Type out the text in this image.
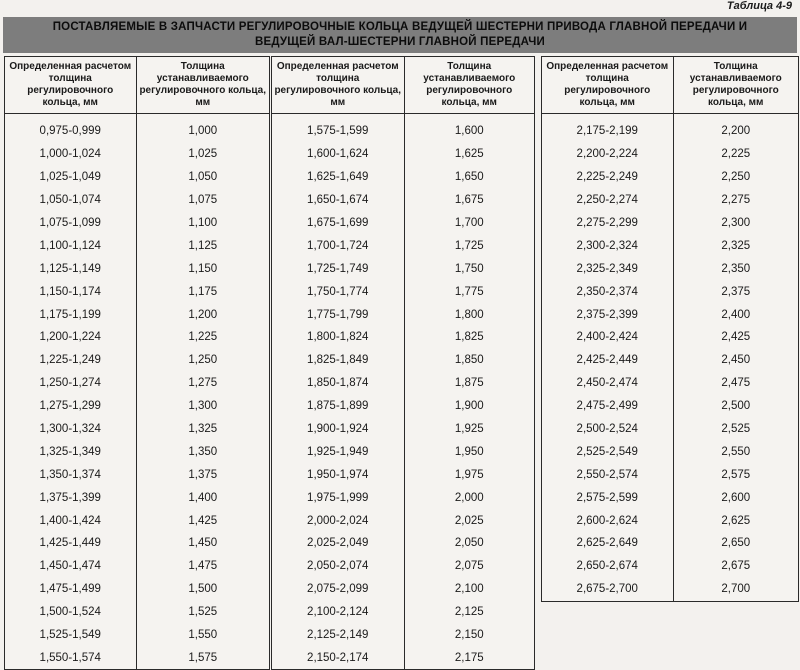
Таблица 4-9
ПОСТАВЛЯЕМЫЕ В ЗАПЧАСТИ РЕГУЛИРОВОЧНЫЕ КОЛЬЦА ВЕДУЩЕЙ ШЕСТЕРНИ ПРИВОДА ГЛАВНОЙ ПЕРЕДАЧИ И
ВЕДУЩЕЙ ВАЛ-ШЕСТЕРНИ ГЛАВНОЙ ПЕРЕДАЧИ
Определенная расчетом толщина регулировочного кольца, мм	Толщина устанавливаемого регулировочного кольца, мм
0,975-0,999	1,000
1,000-1,024	1,025
1,025-1,049	1,050
1,050-1,074	1,075
1,075-1,099	1,100
1,100-1,124	1,125
1,125-1,149	1,150
1,150-1,174	1,175
1,175-1,199	1,200
1,200-1,224	1,225
1,225-1,249	1,250
1,250-1,274	1,275
1,275-1,299	1,300
1,300-1,324	1,325
1,325-1,349	1,350
1,350-1,374	1,375
1,375-1,399	1,400
1,400-1,424	1,425
1,425-1,449	1,450
1,450-1,474	1,475
1,475-1,499	1,500
1,500-1,524	1,525
1,525-1,549	1,550
1,550-1,574	1,575
Определенная расчетом толщина регулировочного кольца, мм	Толщина устанавливаемого регулировочного кольца, мм
1,575-1,599	1,600
1,600-1,624	1,625
1,625-1,649	1,650
1,650-1,674	1,675
1,675-1,699	1,700
1,700-1,724	1,725
1,725-1,749	1,750
1,750-1,774	1,775
1,775-1,799	1,800
1,800-1,824	1,825
1,825-1,849	1,850
1,850-1,874	1,875
1,875-1,899	1,900
1,900-1,924	1,925
1,925-1,949	1,950
1,950-1,974	1,975
1,975-1,999	2,000
2,000-2,024	2,025
2,025-2,049	2,050
2,050-2,074	2,075
2,075-2,099	2,100
2,100-2,124	2,125
2,125-2,149	2,150
2,150-2,174	2,175
Определенная расчетом толщина регулировочного кольца, мм	Толщина устанавливаемого регулировочного кольца, мм
2,175-2,199	2,200
2,200-2,224	2,225
2,225-2,249	2,250
2,250-2,274	2,275
2,275-2,299	2,300
2,300-2,324	2,325
2,325-2,349	2,350
2,350-2,374	2,375
2,375-2,399	2,400
2,400-2,424	2,425
2,425-2,449	2,450
2,450-2,474	2,475
2,475-2,499	2,500
2,500-2,524	2,525
2,525-2,549	2,550
2,550-2,574	2,575
2,575-2,599	2,600
2,600-2,624	2,625
2,625-2,649	2,650
2,650-2,674	2,675
2,675-2,700	2,700
